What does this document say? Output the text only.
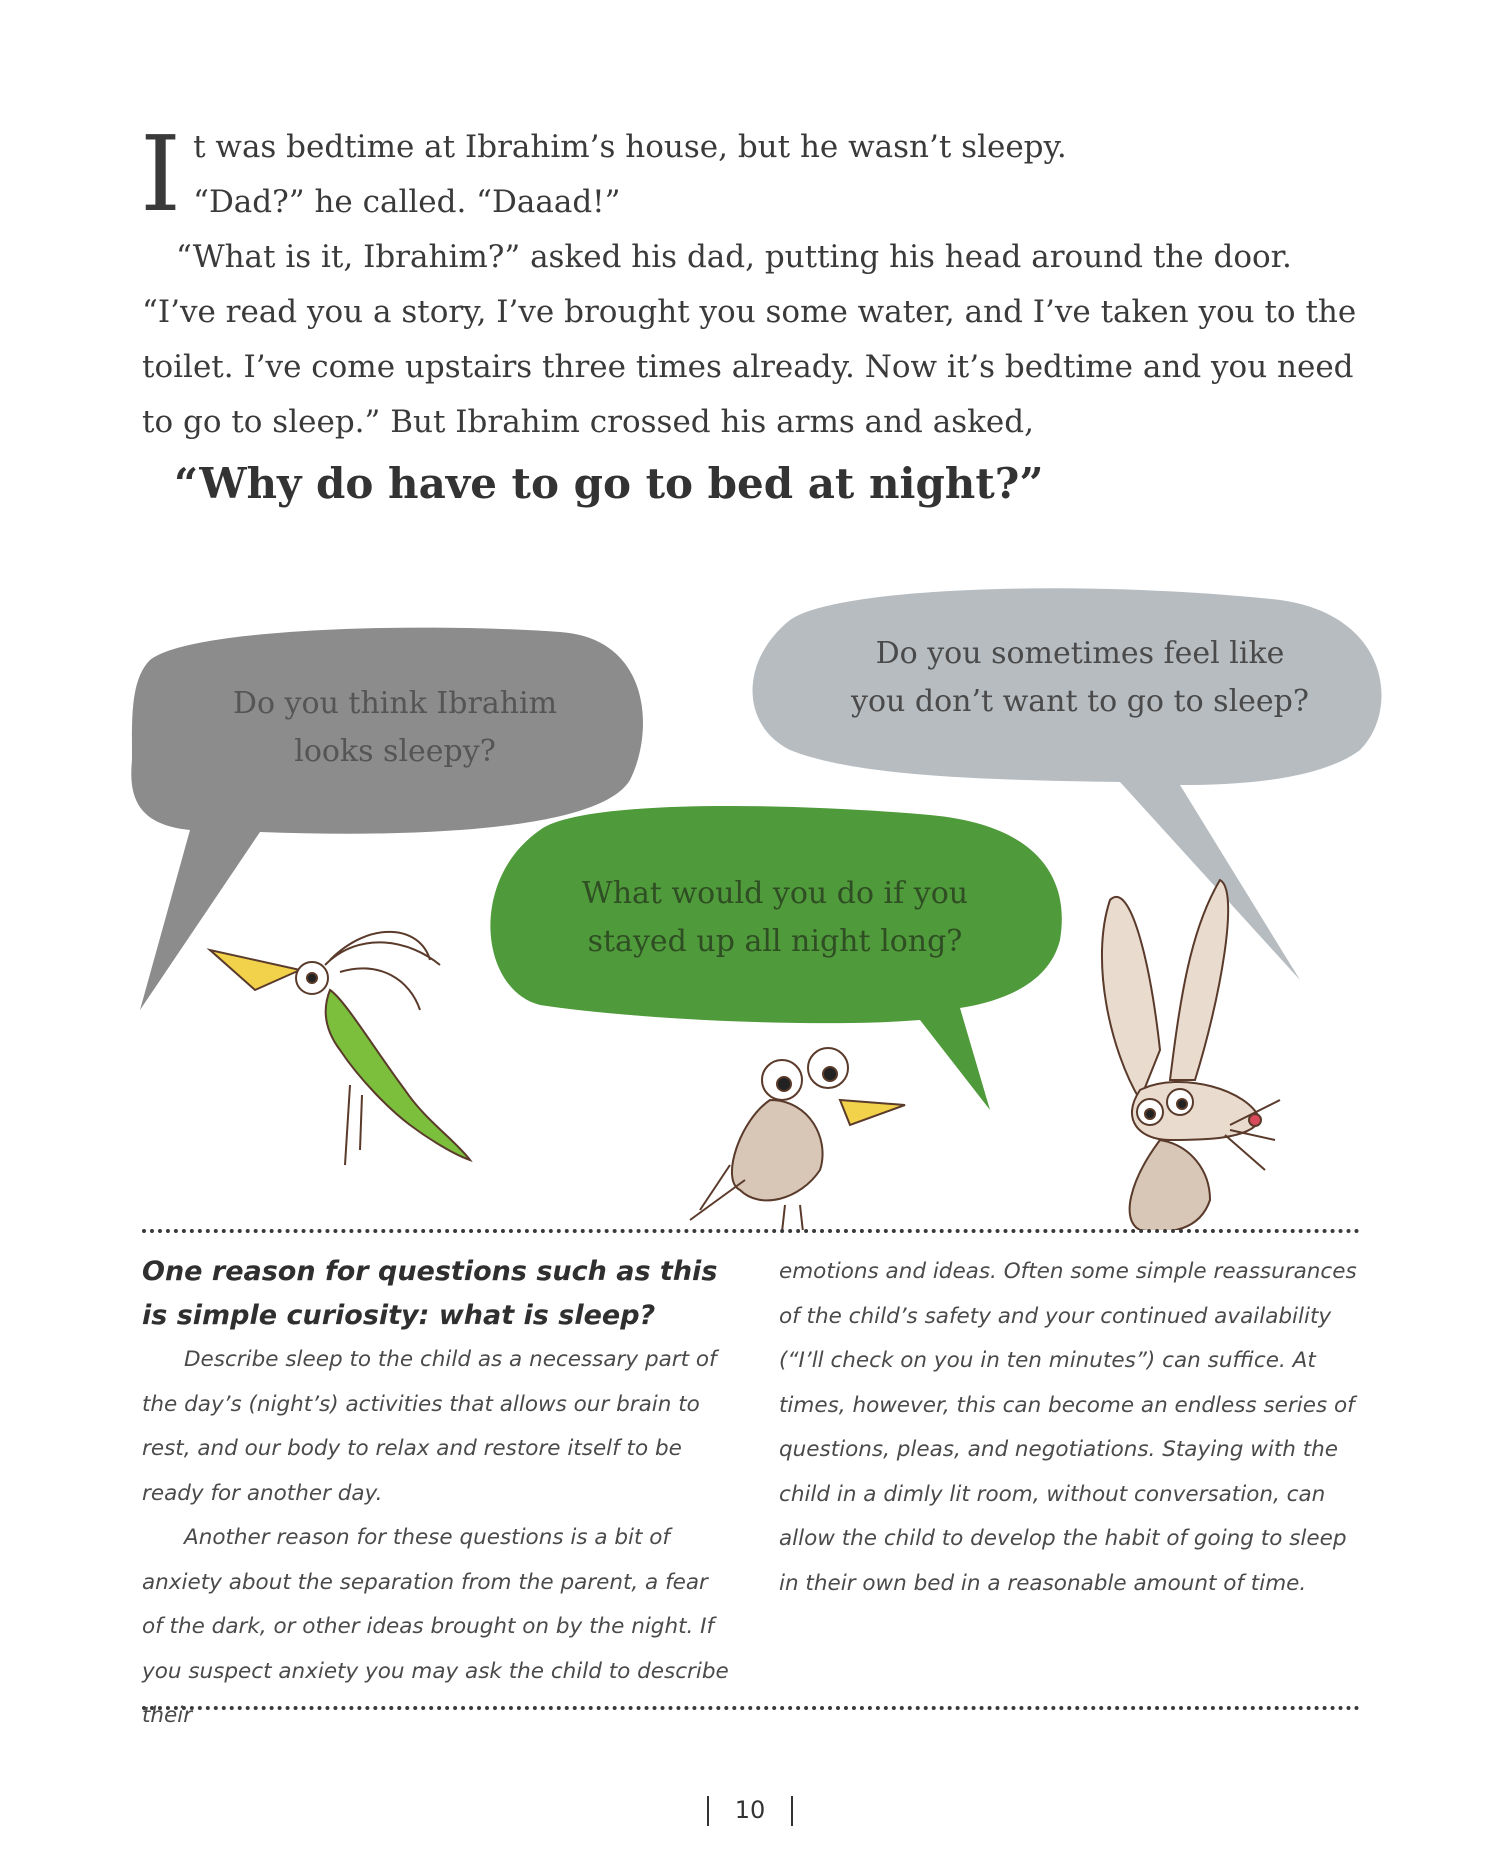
I t was bedtime at Ibrahim’s house, but he wasn’t sleepy.
“Dad?” he called. “Daaad!”

“What is it, Ibrahim?” asked his dad, putting his head around the door. “I’ve read you a story, I’ve brought you some water, and I’ve taken you to the toilet. I’ve come upstairs three times already. Now it’s bedtime and you need to go to sleep.” But Ibrahim crossed his arms and asked,

“Why do have to go to bed at night?”

Do you think Ibrahim
looks sleepy?
Do you sometimes feel like
you don’t want to go to sleep?
What would you do if you
stayed up all night long?

One reason for questions such as this

is simple curiosity: what is sleep?

Describe sleep to the child as a necessary part of the day’s (night’s) activities that allows our brain to rest, and our body to relax and restore itself to be ready for another day.

Another reason for these questions is a bit of anxiety about the separation from the parent, a fear of the dark, or other ideas brought on by the night. If you suspect anxiety you may ask the child to describe their

emotions and ideas. Often some simple reassurances of the child’s safety and your continued availability (“I’ll check on you in ten minutes”) can suffice. At times, however, this can become an endless series of questions, pleas, and negotiations. Staying with the child in a dimly lit room, without conversation, can allow the child to develop the habit of going to sleep in their own bed in a reasonable amount of time.

10
